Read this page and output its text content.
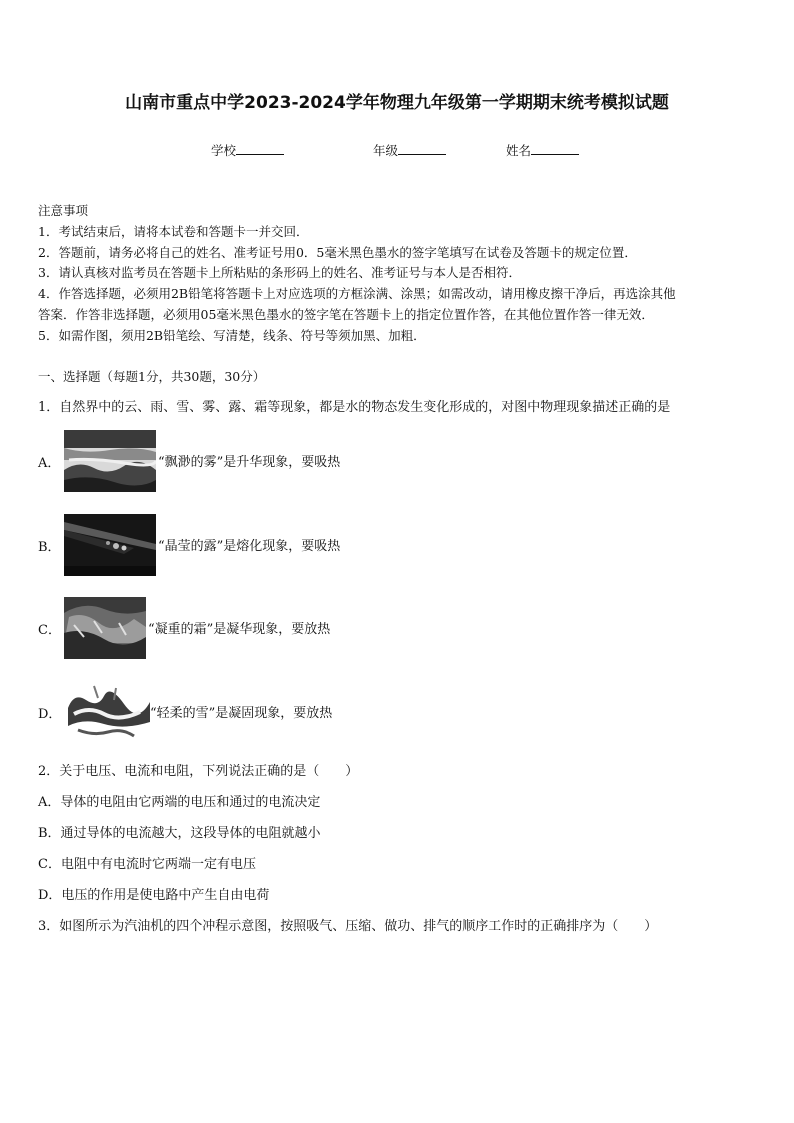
山南市重点中学2023-2024学年物理九年级第一学期期末统考模拟试题
学校	年级	姓名
注意事项
1．考试结束后，请将本试卷和答题卡一并交回．
2．答题前，请务必将自己的姓名、准考证号用0．5毫米黑色墨水的签字笔填写在试卷及答题卡的规定位置．
3．请认真核对监考员在答题卡上所粘贴的条形码上的姓名、准考证号与本人是否相符．
4．作答选择题，必须用2B铅笔将答题卡上对应选项的方框涂满、涂黑；如需改动，请用橡皮擦干净后，再选涂其他
答案．作答非选择题，必须用05毫米黑色墨水的签字笔在答题卡上的指定位置作答，在其他位置作答一律无效．
5．如需作图，须用2B铅笔绘、写清楚，线条、符号等须加黑、加粗．
一、选择题（每题1分，共30题，30分）
1．自然界中的云、雨、雪、雾、露、霜等现象，都是水的物态发生变化形成的，对图中物理现象描述正确的是
A．	“飘渺的雾”是升华现象，要吸热
B．	“晶莹的露”是熔化现象，要吸热
C．	“凝重的霜”是凝华现象，要放热
D．	“轻柔的雪”是凝固现象，要放热
2．关于电压、电流和电阻，下列说法正确的是（　　）
A．导体的电阻由它两端的电压和通过的电流决定
B．通过导体的电流越大，这段导体的电阻就越小
C．电阻中有电流时它两端一定有电压
D．电压的作用是使电路中产生自由电荷
3．如图所示为汽油机的四个冲程示意图，按照吸气、压缩、做功、排气的顺序工作时的正确排序为（　　）
